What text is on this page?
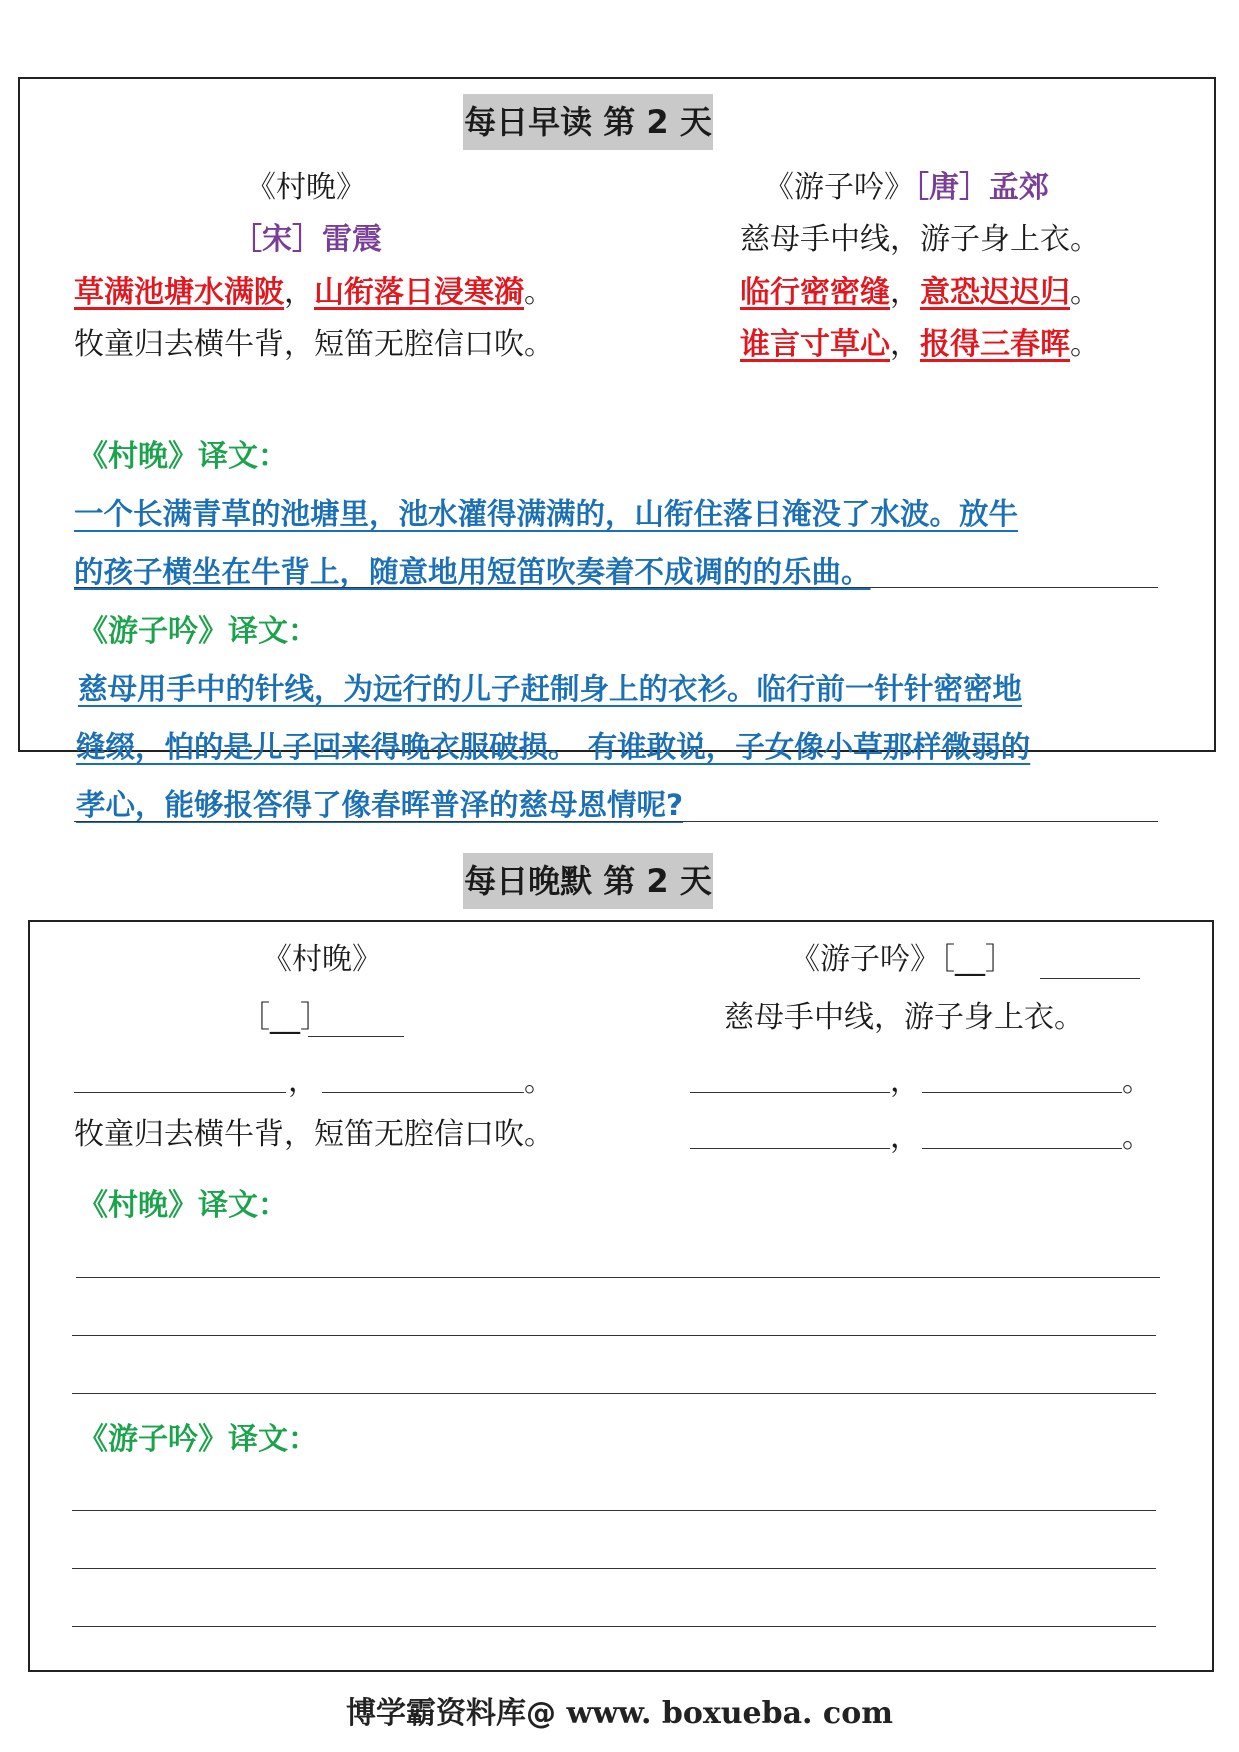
每日早读 第 2 天
《村晚》
［宋］雷震
草满池塘水满陂，山衔落日浸寒漪。
牧童归去横牛背，短笛无腔信口吹。
《游子吟》［唐］孟郊
慈母手中线，游子身上衣。
临行密密缝，意恐迟迟归。
谁言寸草心，报得三春晖。
《村晚》译文：
一个长满青草的池塘里，池水灌得满满的，山衔住落日淹没了水波。放牛
的孩子横坐在牛背上，随意地用短笛吹奏着不成调的的乐曲。
《游子吟》译文：
慈母用手中的针线，为远行的儿子赶制身上的衣衫。临行前一针针密密地
缝缀，怕的是儿子回来得晚衣服破损。 有谁敢说，子女像小草那样微弱的
孝心，能够报答得了像春晖普泽的慈母恩情呢?
每日晚默 第 2 天
《村晚》
［__］
，	。
牧童归去横牛背，短笛无腔信口吹。
《游子吟》［__］
慈母手中线，游子身上衣。
，	。
，	。
《村晚》译文：
《游子吟》译文：
博学霸资料库@ www. boxueba. com
